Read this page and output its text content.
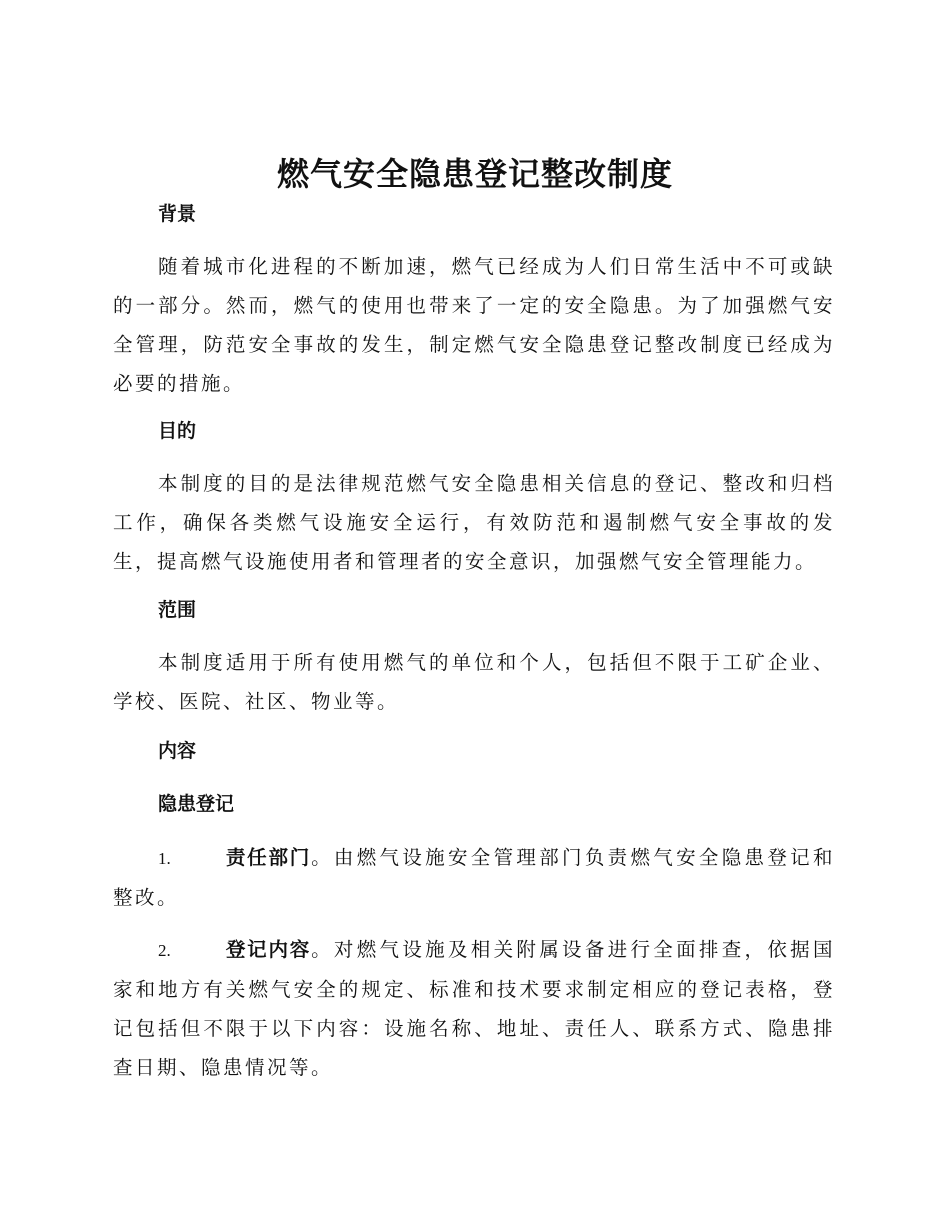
燃气安全隐患登记整改制度
背景

随着城市化进程的不断加速，燃气已经成为人们日常生活中不可或缺的一部分。然而，燃气的使用也带来了一定的安全隐患。为了加强燃气安全管理，防范安全事故的发生，制定燃气安全隐患登记整改制度已经成为必要的措施。

目的

本制度的目的是法律规范燃气安全隐患相关信息的登记、整改和归档工作，确保各类燃气设施安全运行，有效防范和遏制燃气安全事故的发生，提高燃气设施使用者和管理者的安全意识，加强燃气安全管理能力。

范围

本制度适用于所有使用燃气的单位和个人，包括但不限于工矿企业、学校、医院、社区、物业等。

内容
隐患登记

1.	责任部门。由燃气设施安全管理部门负责燃气安全隐患登记和整改。

2.	登记内容。对燃气设施及相关附属设备进行全面排查，依据国家和地方有关燃气安全的规定、标准和技术要求制定相应的登记表格，登记包括但不限于以下内容：设施名称、地址、责任人、联系方式、隐患排查日期、隐患情况等。
